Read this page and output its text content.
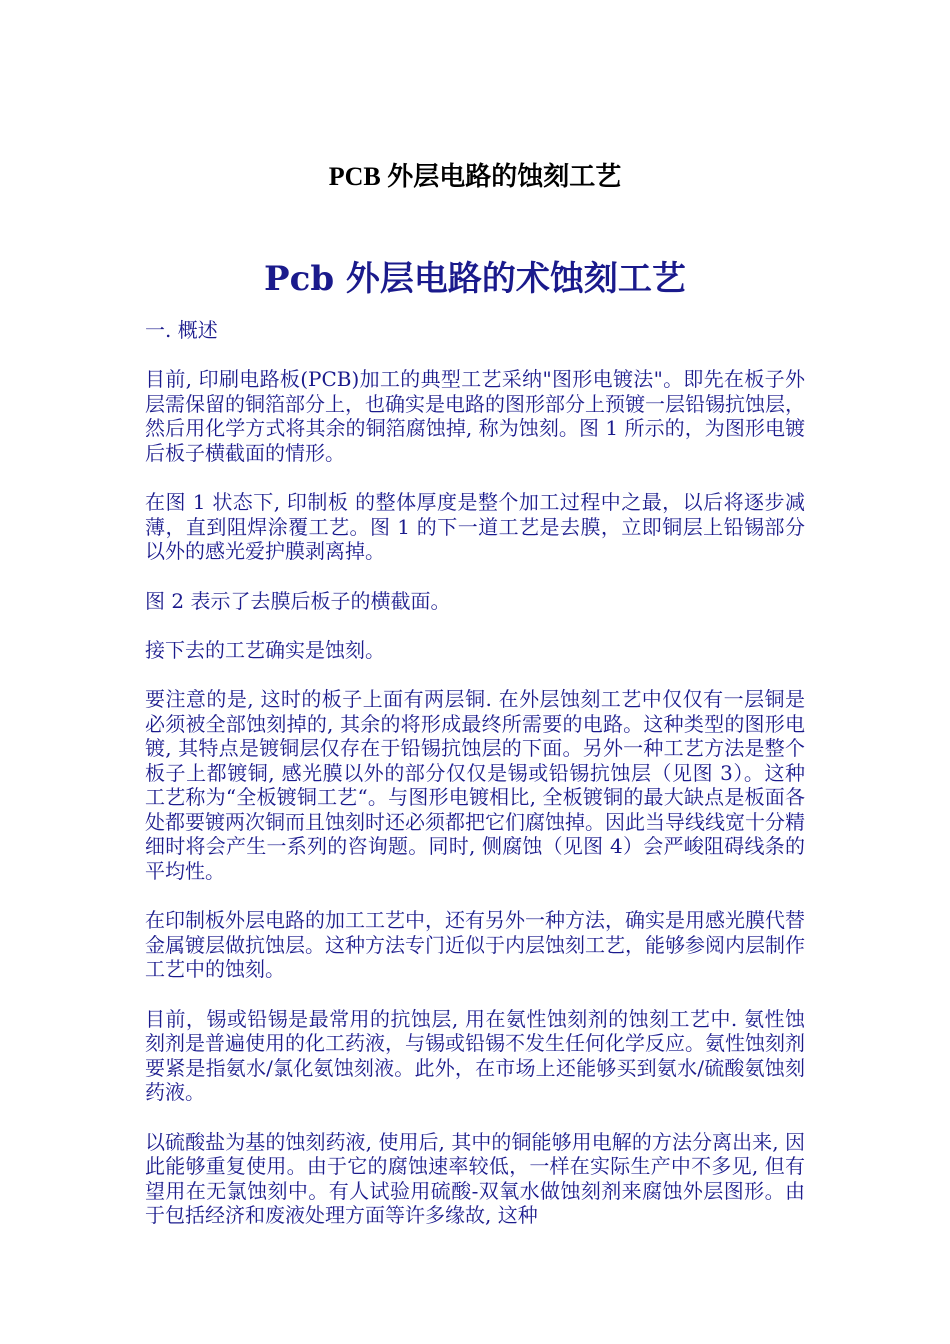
PCB 外层电路的蚀刻工艺
Pcb 外层电路的术蚀刻工艺

一. 概述

目前, 印刷电路板(PCB)加工的典型工艺采纳"图形电镀法"。即先在板子外层需保留的铜箔部分上，也确实是电路的图形部分上预镀一层铅锡抗蚀层，然后用化学方式将其余的铜箔腐蚀掉, 称为蚀刻。图 1 所示的，为图形电镀后板子横截面的情形。

在图 1 状态下, 印制板 的整体厚度是整个加工过程中之最，以后将逐步减薄，直到阻焊涂覆工艺。图 1 的下一道工艺是去膜，立即铜层上铅锡部分以外的感光爱护膜剥离掉。

图 2 表示了去膜后板子的横截面。

接下去的工艺确实是蚀刻。

要注意的是, 这时的板子上面有两层铜. 在外层蚀刻工艺中仅仅有一层铜是必须被全部蚀刻掉的, 其余的将形成最终所需要的电路。这种类型的图形电镀, 其特点是镀铜层仅存在于铅锡抗蚀层的下面。另外一种工艺方法是整个板子上都镀铜, 感光膜以外的部分仅仅是锡或铅锡抗蚀层（见图 3）。这种工艺称为“全板镀铜工艺“。与图形电镀相比, 全板镀铜的最大缺点是板面各处都要镀两次铜而且蚀刻时还必须都把它们腐蚀掉。因此当导线线宽十分精细时将会产生一系列的咨询题。同时, 侧腐蚀（见图 4）会严峻阻碍线条的平均性。

在印制板外层电路的加工工艺中，还有另外一种方法，确实是用感光膜代替金属镀层做抗蚀层。这种方法专门近似于内层蚀刻工艺，能够参阅内层制作工艺中的蚀刻。

目前，锡或铅锡是最常用的抗蚀层, 用在氨性蚀刻剂的蚀刻工艺中. 氨性蚀刻剂是普遍使用的化工药液，与锡或铅锡不发生任何化学反应。氨性蚀刻剂要紧是指氨水/氯化氨蚀刻液。此外，在市场上还能够买到氨水/硫酸氨蚀刻药液。

以硫酸盐为基的蚀刻药液, 使用后, 其中的铜能够用电解的方法分离出来, 因此能够重复使用。由于它的腐蚀速率较低，一样在实际生产中不多见, 但有望用在无氯蚀刻中。有人试验用硫酸-双氧水做蚀刻剂来腐蚀外层图形。由于包括经济和废液处理方面等许多缘故, 这种
